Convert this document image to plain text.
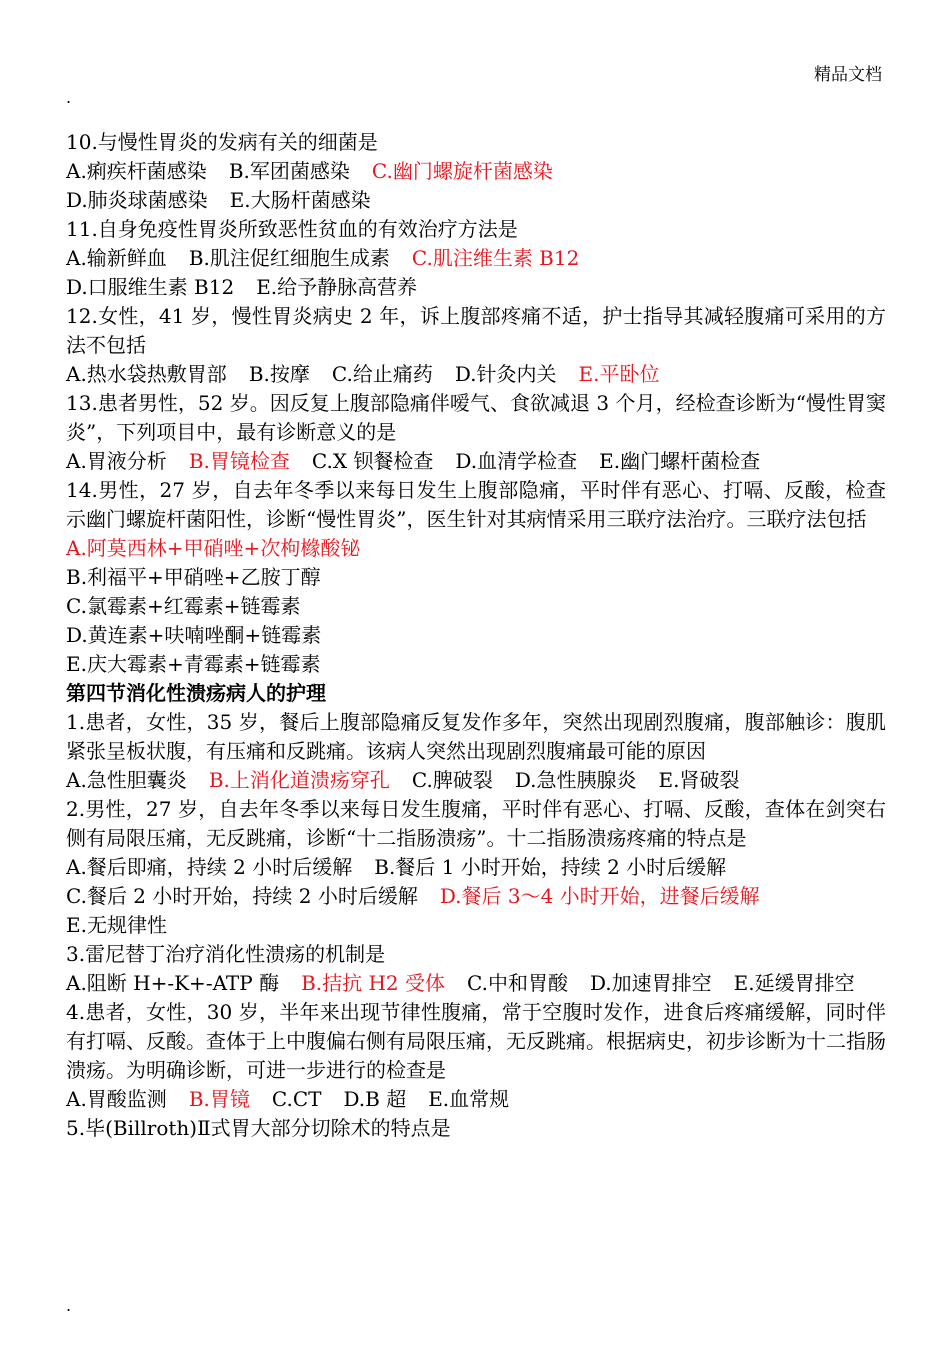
精品文档
.
10.与慢性胃炎的发病有关的细菌是
A.痢疾杆菌感染 B.军团菌感染 C.幽门螺旋杆菌感染
D.肺炎球菌感染 E.大肠杆菌感染
11.自身免疫性胃炎所致恶性贫血的有效治疗方法是
A.输新鲜血 B.肌注促红细胞生成素 C.肌注维生素 B12
D.口服维生素 B12 E.给予静脉高营养
12.女性，41 岁，慢性胃炎病史 2 年，诉上腹部疼痛不适，护士指导其减轻腹痛可采用的方法不包括
A.热水袋热敷胃部 B.按摩 C.给止痛药 D.针灸内关 E.平卧位
13.患者男性，52 岁。因反复上腹部隐痛伴嗳气、食欲减退 3 个月，经检查诊断为“慢性胃窦炎”，下列项目中，最有诊断意义的是
A.胃液分析 B.胃镜检查 C.X 钡餐检查 D.血清学检查 E.幽门螺杆菌检查
14.男性，27 岁，自去年冬季以来每日发生上腹部隐痛，平时伴有恶心、打嗝、反酸，检查示幽门螺旋杆菌阳性，诊断“慢性胃炎”，医生针对其病情采用三联疗法治疗。三联疗法包括
A.阿莫西林+甲硝唑+次枸橼酸铋
B.利福平+甲硝唑+乙胺丁醇
C.氯霉素+红霉素+链霉素
D.黄连素+呋喃唑酮+链霉素
E.庆大霉素+青霉素+链霉素
第四节消化性溃疡病人的护理
1.患者，女性，35 岁，餐后上腹部隐痛反复发作多年，突然出现剧烈腹痛，腹部触诊：腹肌紧张呈板状腹，有压痛和反跳痛。该病人突然出现剧烈腹痛最可能的原因
A.急性胆囊炎 B.上消化道溃疡穿孔 C.脾破裂 D.急性胰腺炎 E.肾破裂
2.男性，27 岁，自去年冬季以来每日发生腹痛，平时伴有恶心、打嗝、反酸，查体在剑突右侧有局限压痛，无反跳痛，诊断“十二指肠溃疡”。十二指肠溃疡疼痛的特点是
A.餐后即痛，持续 2 小时后缓解 B.餐后 1 小时开始，持续 2 小时后缓解
C.餐后 2 小时开始，持续 2 小时后缓解 D.餐后 3～4 小时开始，进餐后缓解
E.无规律性
3.雷尼替丁治疗消化性溃疡的机制是
A.阻断 H+-K+-ATP 酶 B.拮抗 H2 受体 C.中和胃酸 D.加速胃排空 E.延缓胃排空
4.患者，女性，30 岁，半年来出现节律性腹痛，常于空腹时发作，进食后疼痛缓解，同时伴有打嗝、反酸。查体于上中腹偏右侧有局限压痛，无反跳痛。根据病史，初步诊断为十二指肠溃疡。为明确诊断，可进一步进行的检查是
A.胃酸监测 B.胃镜 C.CT D.B 超 E.血常规
5.毕(Billroth)Ⅱ式胃大部分切除术的特点是
.
